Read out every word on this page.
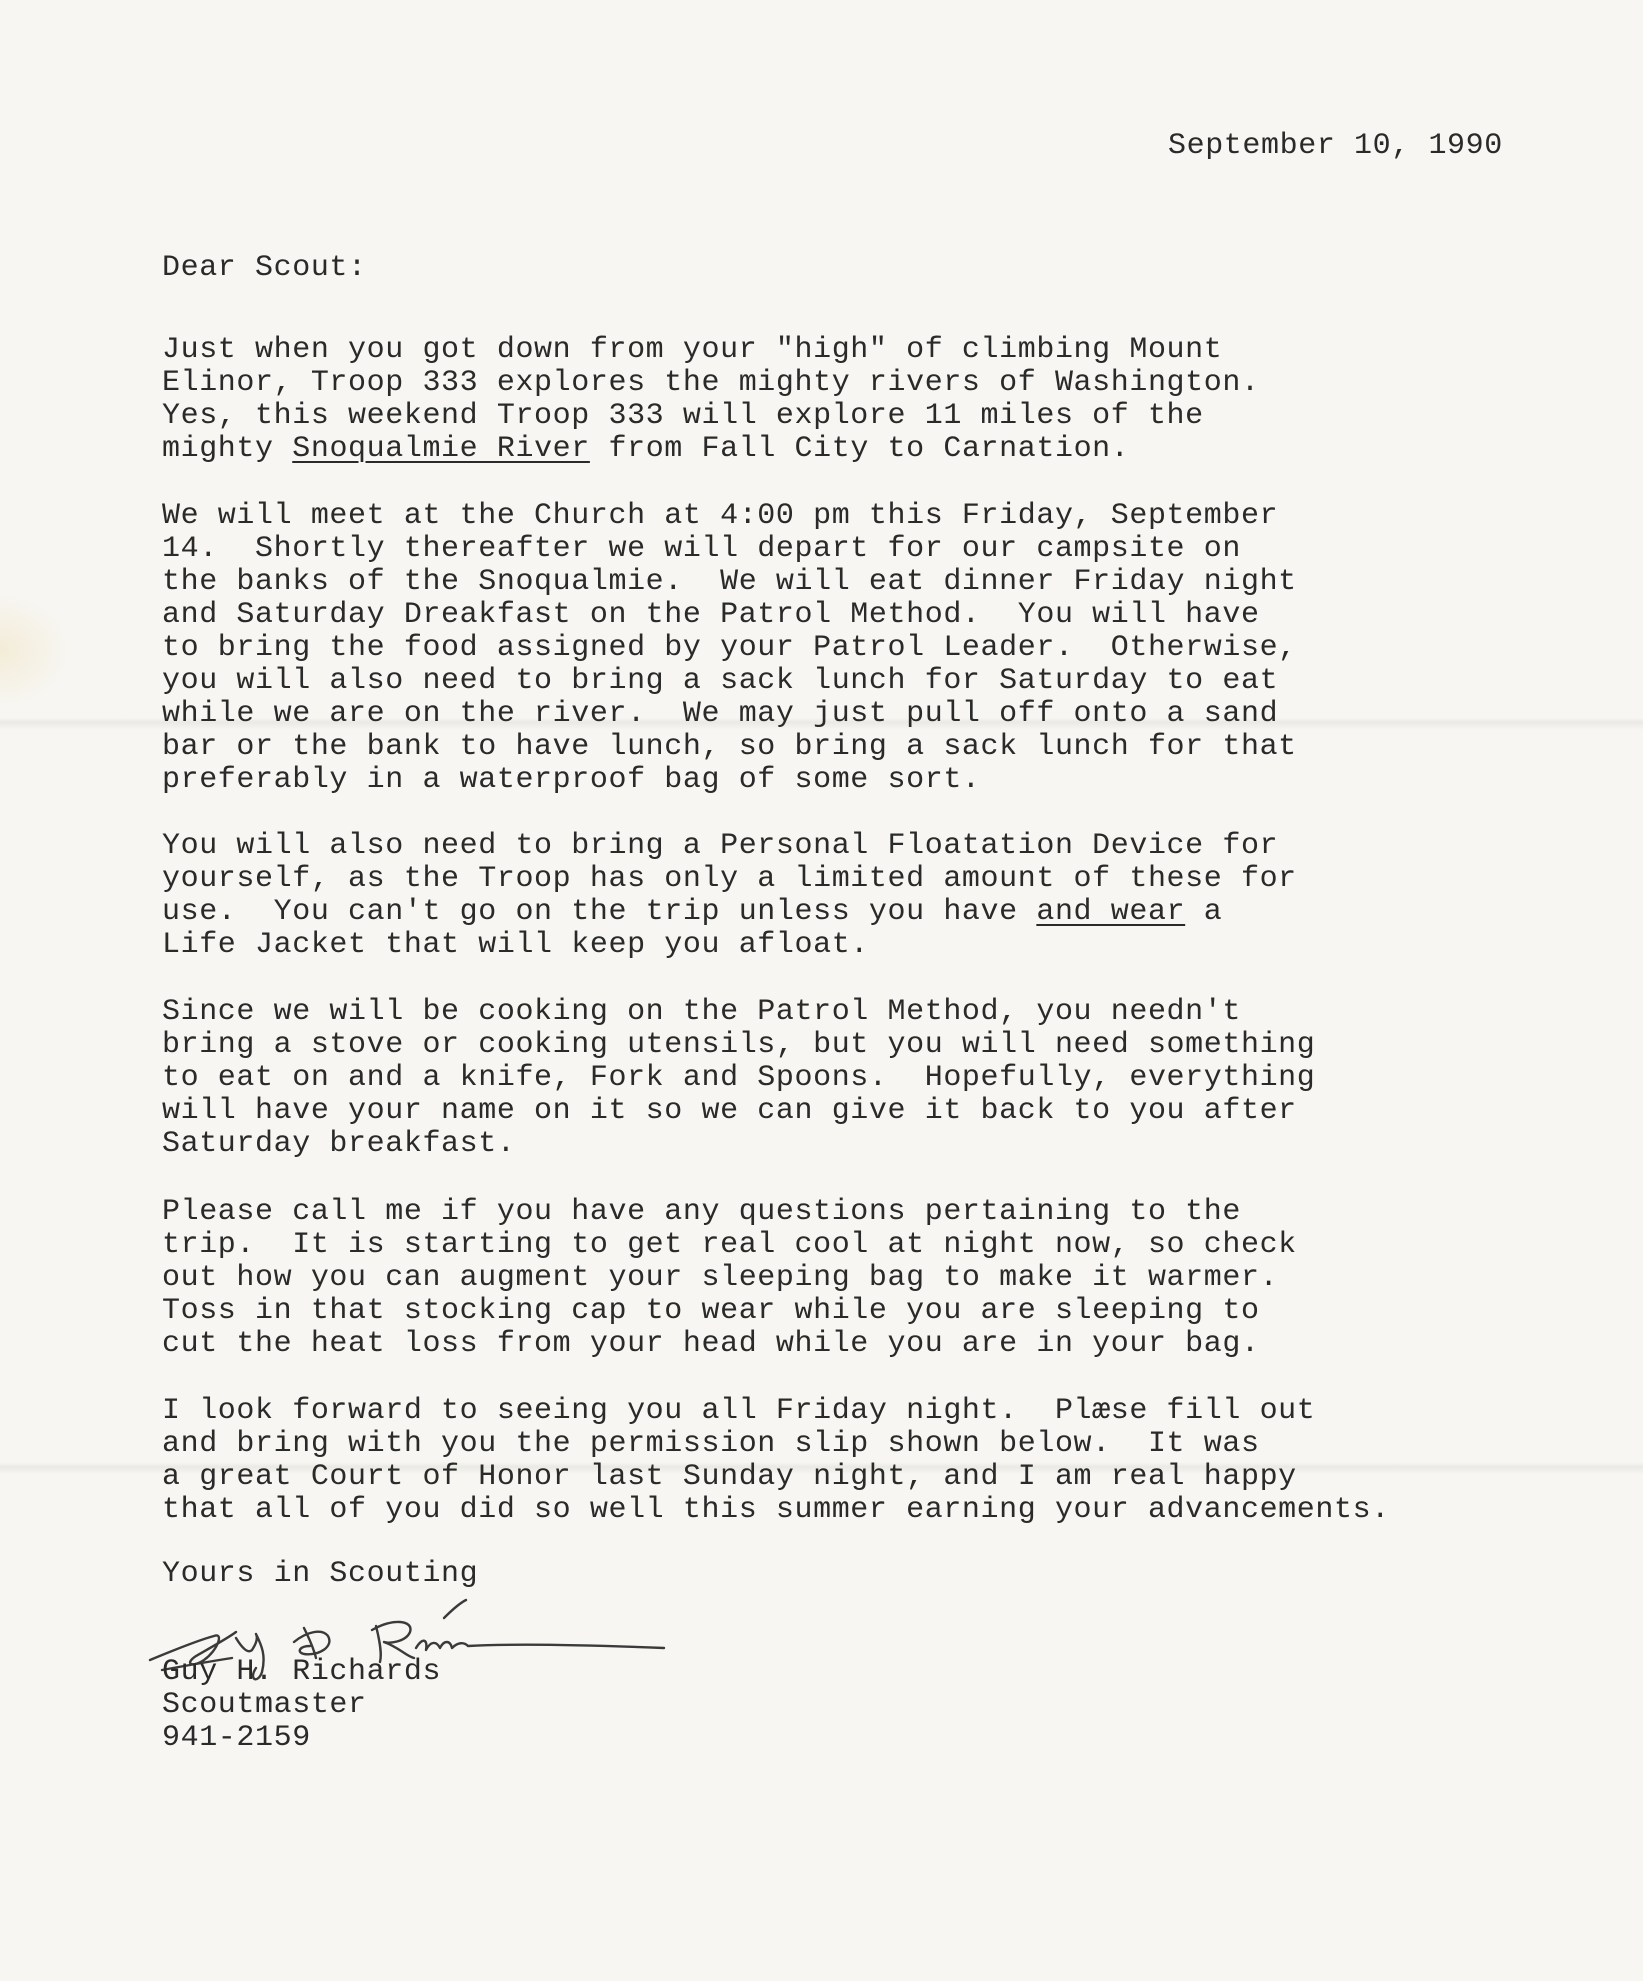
September 10, 1990
Dear Scout:
Just when you got down from your "high" of climbing Mount
Elinor, Troop 333 explores the mighty rivers of Washington.
Yes, this weekend Troop 333 will explore 11 miles of the
mighty Snoqualmie River from Fall City to Carnation.
We will meet at the Church at 4:00 pm this Friday, September
14.  Shortly thereafter we will depart for our campsite on
the banks of the Snoqualmie.  We will eat dinner Friday night
and Saturday Dreakfast on the Patrol Method.  You will have
to bring the food assigned by your Patrol Leader.  Otherwise,
you will also need to bring a sack lunch for Saturday to eat
while we are on the river.  We may just pull off onto a sand
bar or the bank to have lunch, so bring a sack lunch for that
preferably in a waterproof bag of some sort.
You will also need to bring a Personal Floatation Device for
yourself, as the Troop has only a limited amount of these for
use.  You can't go on the trip unless you have and wear a
Life Jacket that will keep you afloat.
Since we will be cooking on the Patrol Method, you needn't
bring a stove or cooking utensils, but you will need something
to eat on and a knife, Fork and Spoons.  Hopefully, everything
will have your name on it so we can give it back to you after
Saturday breakfast.
Please call me if you have any questions pertaining to the
trip.  It is starting to get real cool at night now, so check
out how you can augment your sleeping bag to make it warmer.
Toss in that stocking cap to wear while you are sleeping to
cut the heat loss from your head while you are in your bag.
I look forward to seeing you all Friday night.  Plæse fill out
and bring with you the permission slip shown below.  It was
a great Court of Honor last Sunday night, and I am real happy
that all of you did so well this summer earning your advancements.
Yours in Scouting
Guy H. Richards
Scoutmaster
941-2159
